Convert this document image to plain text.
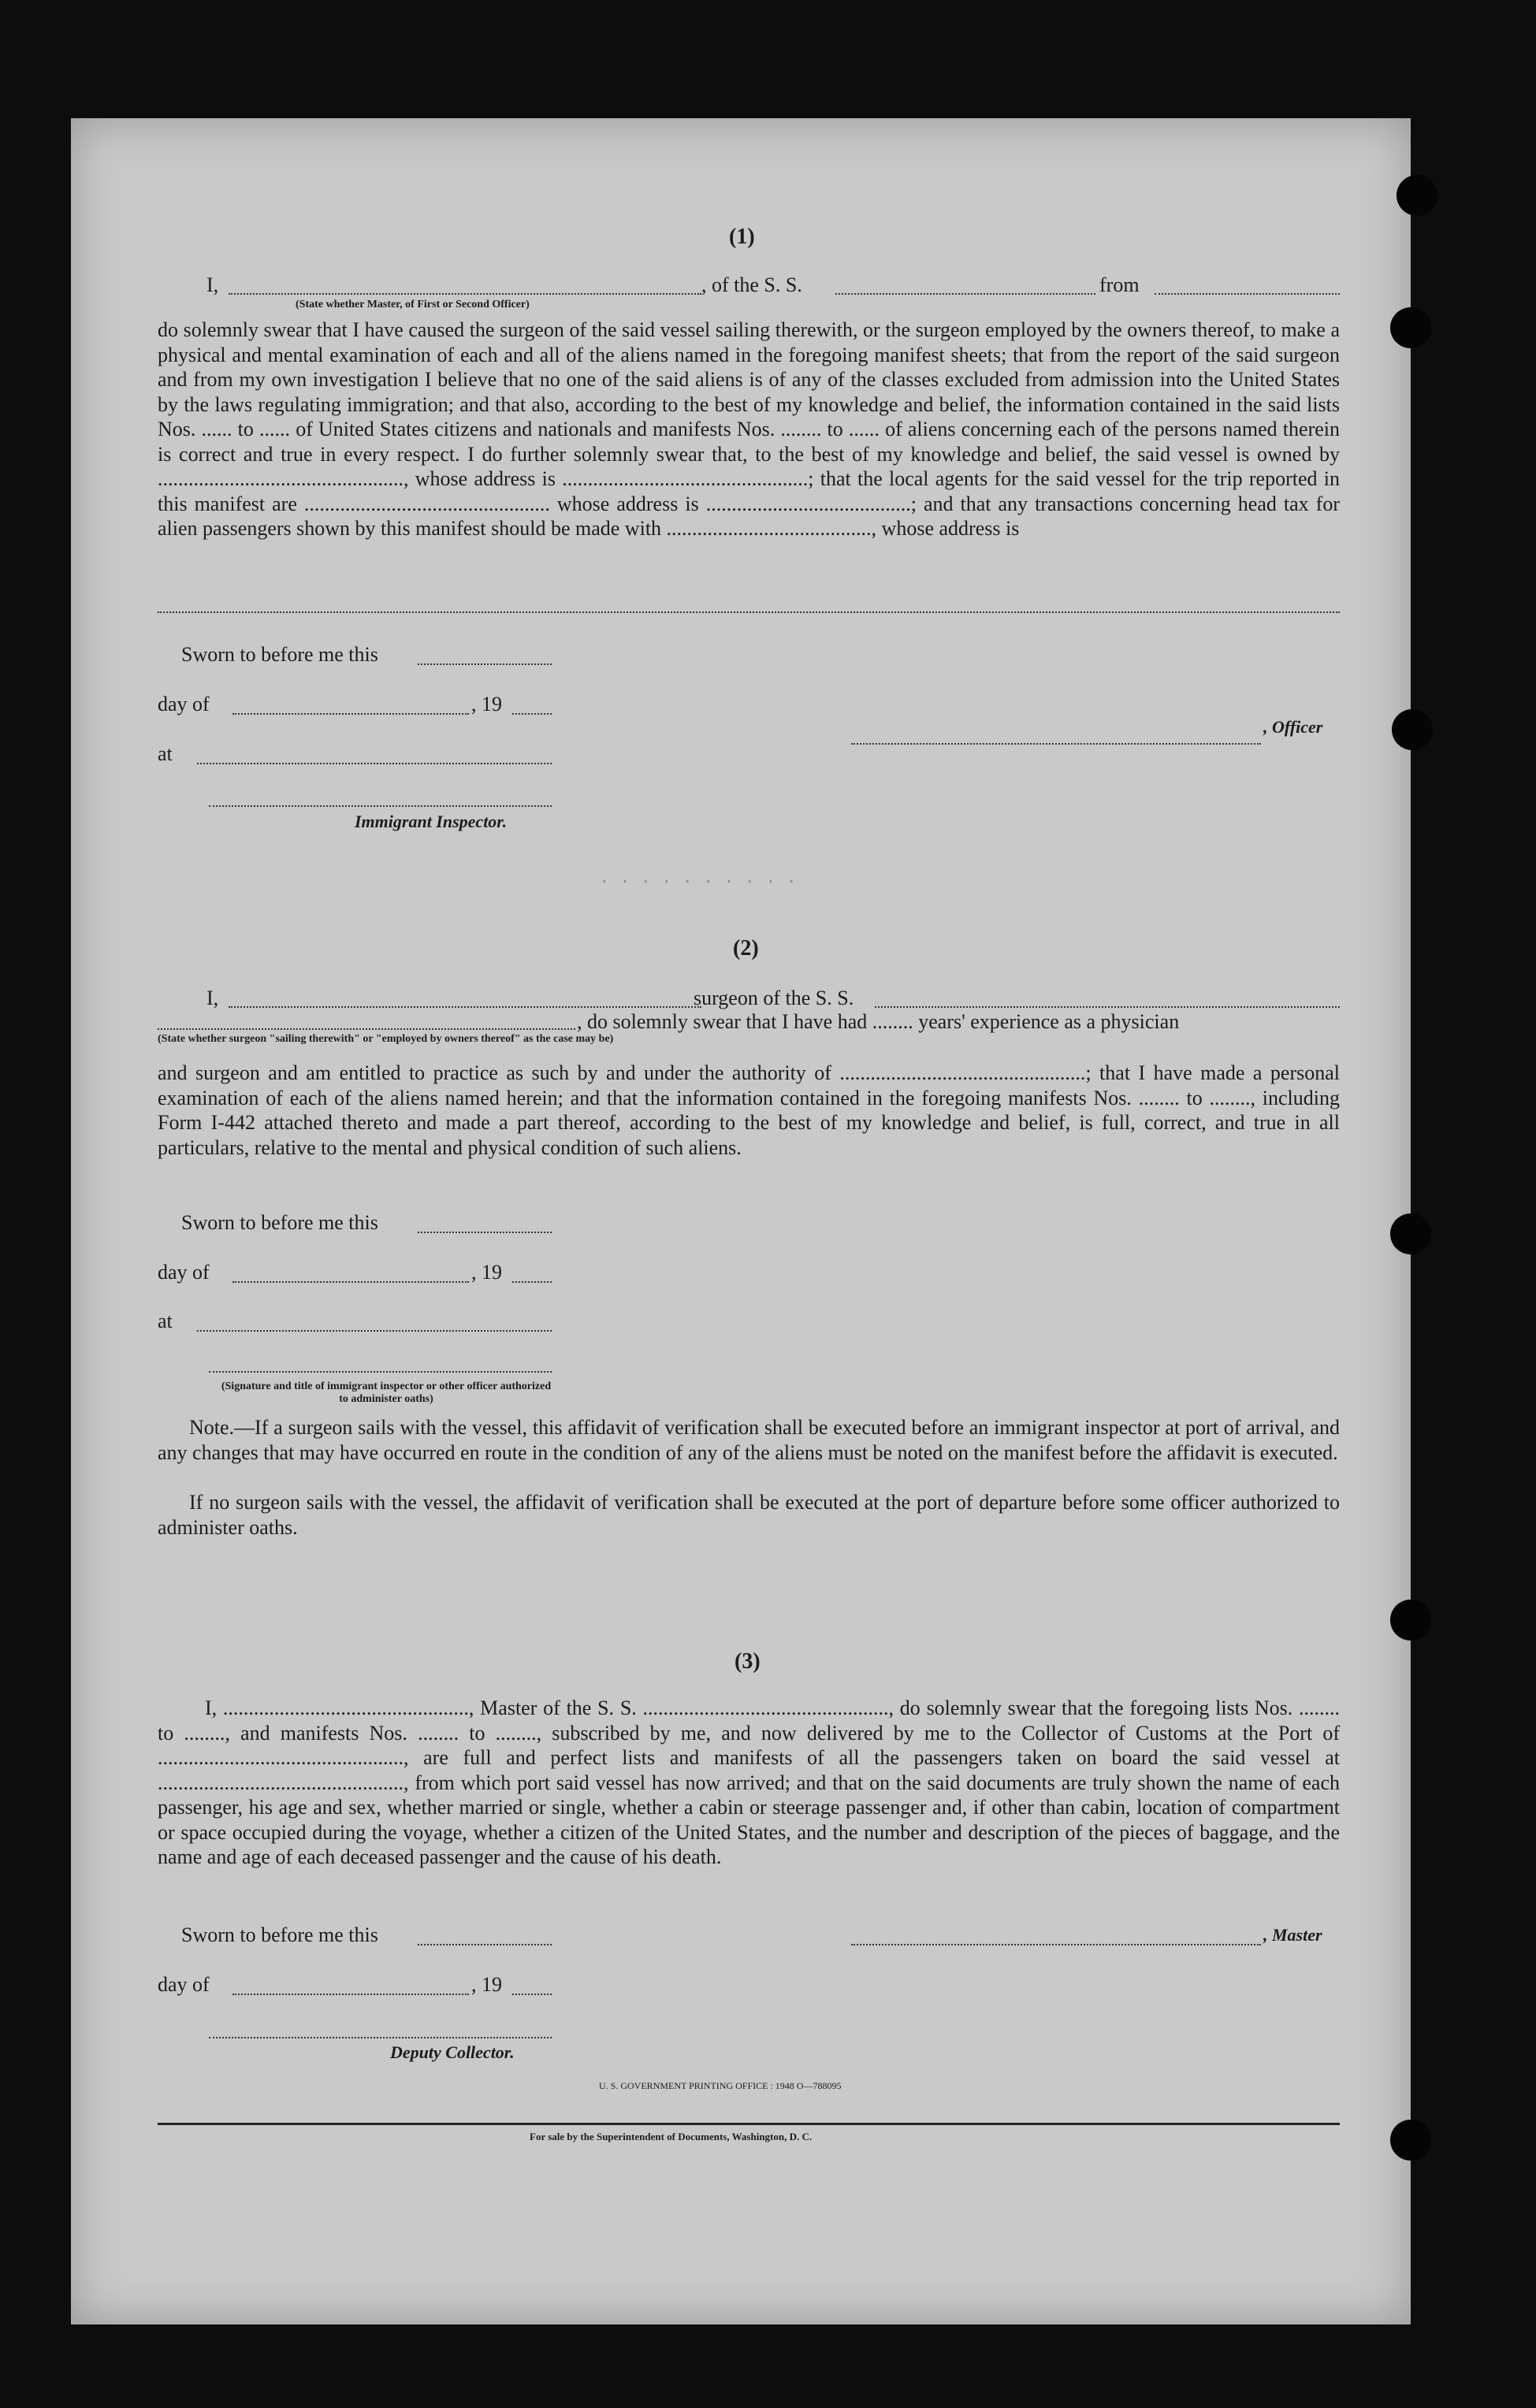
. . . . . . . . . .
(1)
I,	, of the S. S.	from
(State whether Master, of First or Second Officer)
do solemnly swear that I have caused the surgeon of the said vessel sailing therewith, or the surgeon employed by the owners thereof, to make a physical and mental examination of each and all of the aliens named in the foregoing manifest sheets; that from the report of the said surgeon and from my own investigation I believe that no one of the said aliens is of any of the classes excluded from admission into the United States by the laws regulating immigration; and that also, according to the best of my knowledge and belief, the information contained in the said lists Nos. ...... to ...... of United States citizens and nationals and manifests Nos. ........ to ...... of aliens concerning each of the persons named therein is correct and true in every respect. I do further solemnly swear that, to the best of my knowledge and belief, the said vessel is owned by ................................................, whose address is ................................................; that the local agents for the said vessel for the trip reported in this manifest are ................................................ whose address is ........................................; and that any transactions concerning head tax for alien passengers shown by this manifest should be made with ........................................, whose address is
Sworn to before me this
day of	, 19
at
, Officer
Immigrant Inspector.
(2)
I,	surgeon of the S. S.
, do solemnly swear that I have had ........ years' experience as a physician
(State whether surgeon "sailing therewith" or "employed by owners thereof" as the case may be)
and surgeon and am entitled to practice as such by and under the authority of ................................................; that I have made a personal examination of each of the aliens named herein; and that the information contained in the foregoing manifests Nos. ........ to ........, including Form I-442 attached thereto and made a part thereof, according to the best of my knowledge and belief, is full, correct, and true in all particulars, relative to the mental and physical condition of such aliens.
Sworn to before me this
day of	, 19
at
(Signature and title of immigrant inspector or other officer authorized to administer oaths)
Note.—If a surgeon sails with the vessel, this affidavit of verification shall be executed before an immigrant inspector at port of arrival, and any changes that may have occurred en route in the condition of any of the aliens must be noted on the manifest before the affidavit is executed.
If no surgeon sails with the vessel, the affidavit of verification shall be executed at the port of departure before some officer authorized to administer oaths.
(3)
I, ................................................, Master of the S. S. ................................................, do solemnly swear that the foregoing lists Nos. ........ to ........, and manifests Nos. ........ to ........, subscribed by me, and now delivered by me to the Collector of Customs at the Port of ................................................, are full and perfect lists and manifests of all the passengers taken on board the said vessel at ................................................, from which port said vessel has now arrived; and that on the said documents are truly shown the name of each passenger, his age and sex, whether married or single, whether a cabin or steerage passenger and, if other than cabin, location of compartment or space occupied during the voyage, whether a citizen of the United States, and the number and description of the pieces of baggage, and the name and age of each deceased passenger and the cause of his death.
Sworn to before me this	, Master
day of	, 19
Deputy Collector.
U. S. GOVERNMENT PRINTING OFFICE : 1948 O—788095
For sale by the Superintendent of Documents, Washington, D. C.
